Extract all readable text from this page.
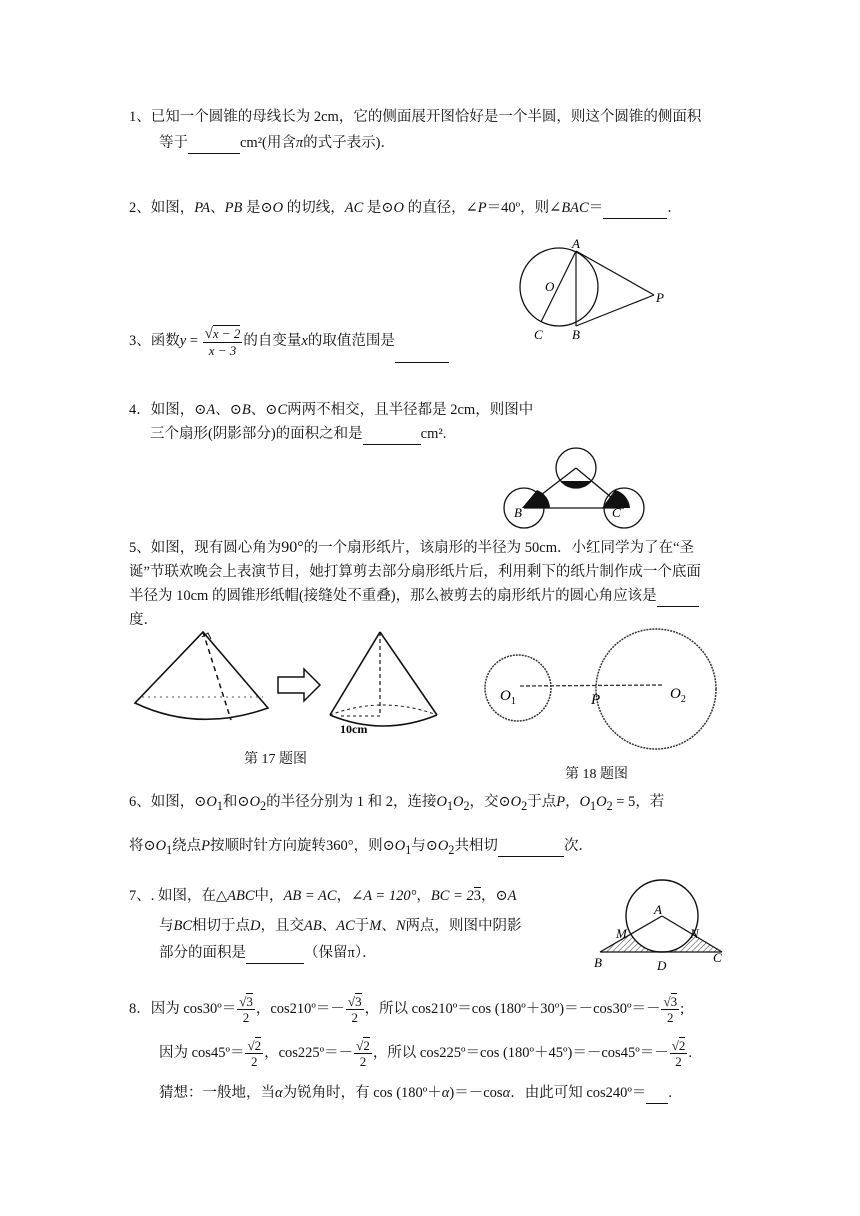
1、已知一个圆锥的母线长为 2cm，它的侧面展开图恰好是一个半圆，则这个圆锥的侧面积
等于	cm²(用含π的式子表示)．
2、如图，PA、PB 是⊙O 的切线，AC 是⊙O 的直径，∠P＝40º，则∠BAC＝	．
A
O
P
C B
3、函数$y = \frac{√x - 2}{x - 3}$ 的自变量x的取值范围是
4．如图，⊙A、⊙B、⊙C两两不相交，且半径都是 2cm，则图中
三个扇形(阴影部分)的面积之和是	cm².
A
B	C
5、如图，现有圆心角为90°的一个扇形纸片，该扇形的半径为 50cm．小红同学为了在“圣
诞”节联欢晚会上表演节目，她打算剪去部分扇形纸片后，利用剩下的纸片制作成一个底面
半径为 10cm 的圆锥形纸帽(接缝处不重叠)，那么被剪去的扇形纸片的圆心角应该是
度．
10cm
第 17 题图
$O_1$	P	$O_2$
第 18 题图
6、如图，$⊙O_1$和$⊙O_2$的半径分别为 1 和 2，连接$O_1O_2$，交$⊙O_2$于点P，$O_1O_2 = 5$，若
将$⊙O_1$绕点P按顺时针方向旋转360°，则$⊙O_1$与$⊙O_2$共相切	次．
7、. 如图，在△ABC中，AB = AC，∠A = 120°，BC = 23，⊙A
与BC相切于点D，且交AB、AC于M、N两点，则图中阴影
部分的面积是	（保留π）．
A
M	N
B	D
C
8．因为 cos30º＝ $\frac{√3}{2}$ ，cos210º＝－ $\frac{√3}{2}$ ，所以 cos210º＝cos (180º＋30º)＝－cos30º＝－ $\frac{√3}{2}$ ;
因为 cos45º＝ $\frac{√2}{2}$ ，cos225º＝－ $\frac{√2}{2}$ ，所以 cos225º＝cos (180º＋45º)＝－cos45º＝－ $\frac{√2}{2}$ .
猜想：一般地，当α为锐角时，有 cos (180º＋α)＝－cosα．由此可知 cos240º＝ .
